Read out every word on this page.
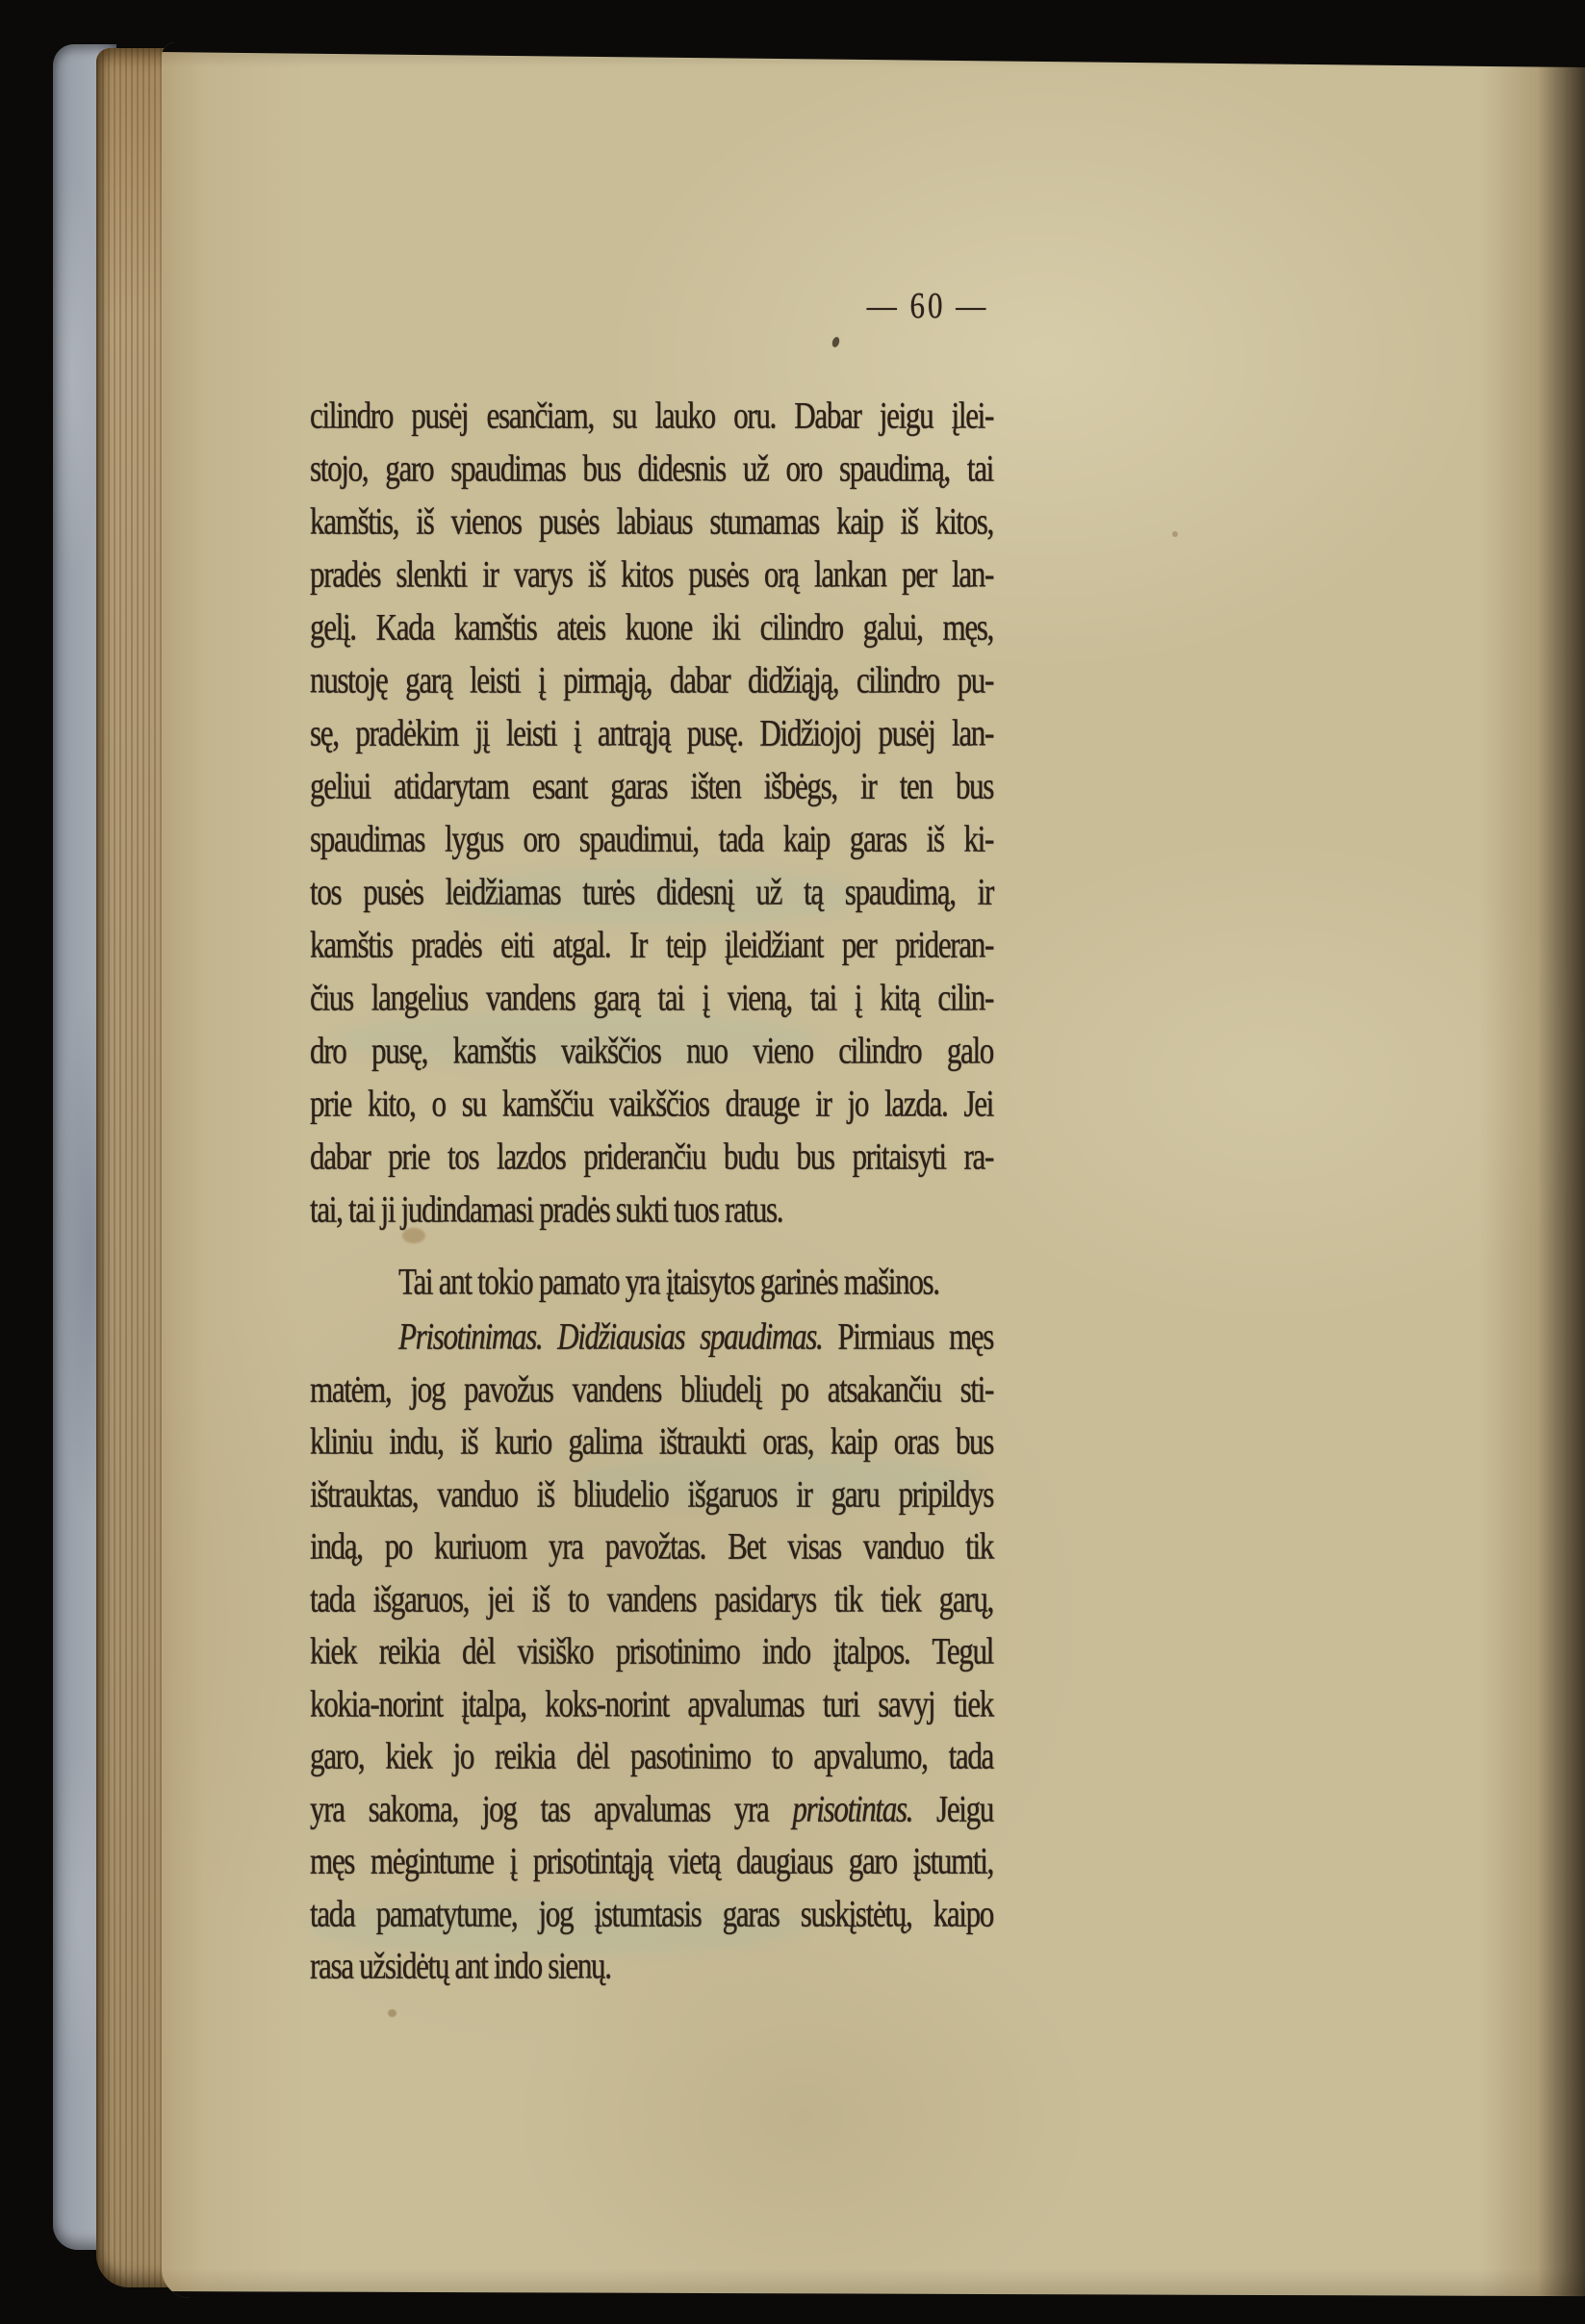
— 60 —
cilindro pusėj esančiam, su lauko oru. Dabar jeigu įlei-
stojo, garo spaudimas bus didesnis už oro spaudimą, tai
kamštis, iš vienos pusės labiaus stumamas kaip iš kitos,
pradės slenkti ir varys iš kitos pusės orą lankan per lan-
gelį. Kada kamštis ateis kuone iki cilindro galui, męs,
nustoję garą leisti į pirmąją, dabar didžiąją, cilindro pu-
sę, pradėkim jį leisti į antrąją pusę. Didžiojoj pusėj lan-
geliui atidarytam esant garas išten išbėgs, ir ten bus
spaudimas lygus oro spaudimui, tada kaip garas iš ki-
tos pusės leidžiamas turės didesnį už tą spaudimą, ir
kamštis pradės eiti atgal. Ir teip įleidžiant per prideran-
čius langelius vandens garą tai į vieną, tai į kitą cilin-
dro pusę, kamštis vaikščios nuo vieno cilindro galo
prie kito, o su kamščiu vaikščios drauge ir jo lazda. Jei
dabar prie tos lazdos priderančiu budu bus pritaisyti ra-
tai, tai ji judindamasi pradės sukti tuos ratus.
Tai ant tokio pamato yra įtaisytos garinės mašinos.
Prisotinimas. Didžiausias spaudimas. Pirmiaus męs
matėm, jog pavožus vandens bliudelį po atsakančiu sti-
kliniu indu, iš kurio galima ištraukti oras, kaip oras bus
ištrauktas, vanduo iš bliudelio išgaruos ir garu pripildys
indą, po kuriuom yra pavožtas. Bet visas vanduo tik
tada išgaruos, jei iš to vandens pasidarys tik tiek garų,
kiek reikia dėl visiško prisotinimo indo įtalpos. Tegul
kokia-norint įtalpa, koks-norint apvalumas turi savyj tiek
garo, kiek jo reikia dėl pasotinimo to apvalumo, tada
yra sakoma, jog tas apvalumas yra prisotintas. Jeigu
męs mėgintume į prisotintąją vietą daugiaus garo įstumti,
tada pamatytume, jog įstumtasis garas suskįstėtų, kaipo
rasa užsidėtų ant indo sienų.
